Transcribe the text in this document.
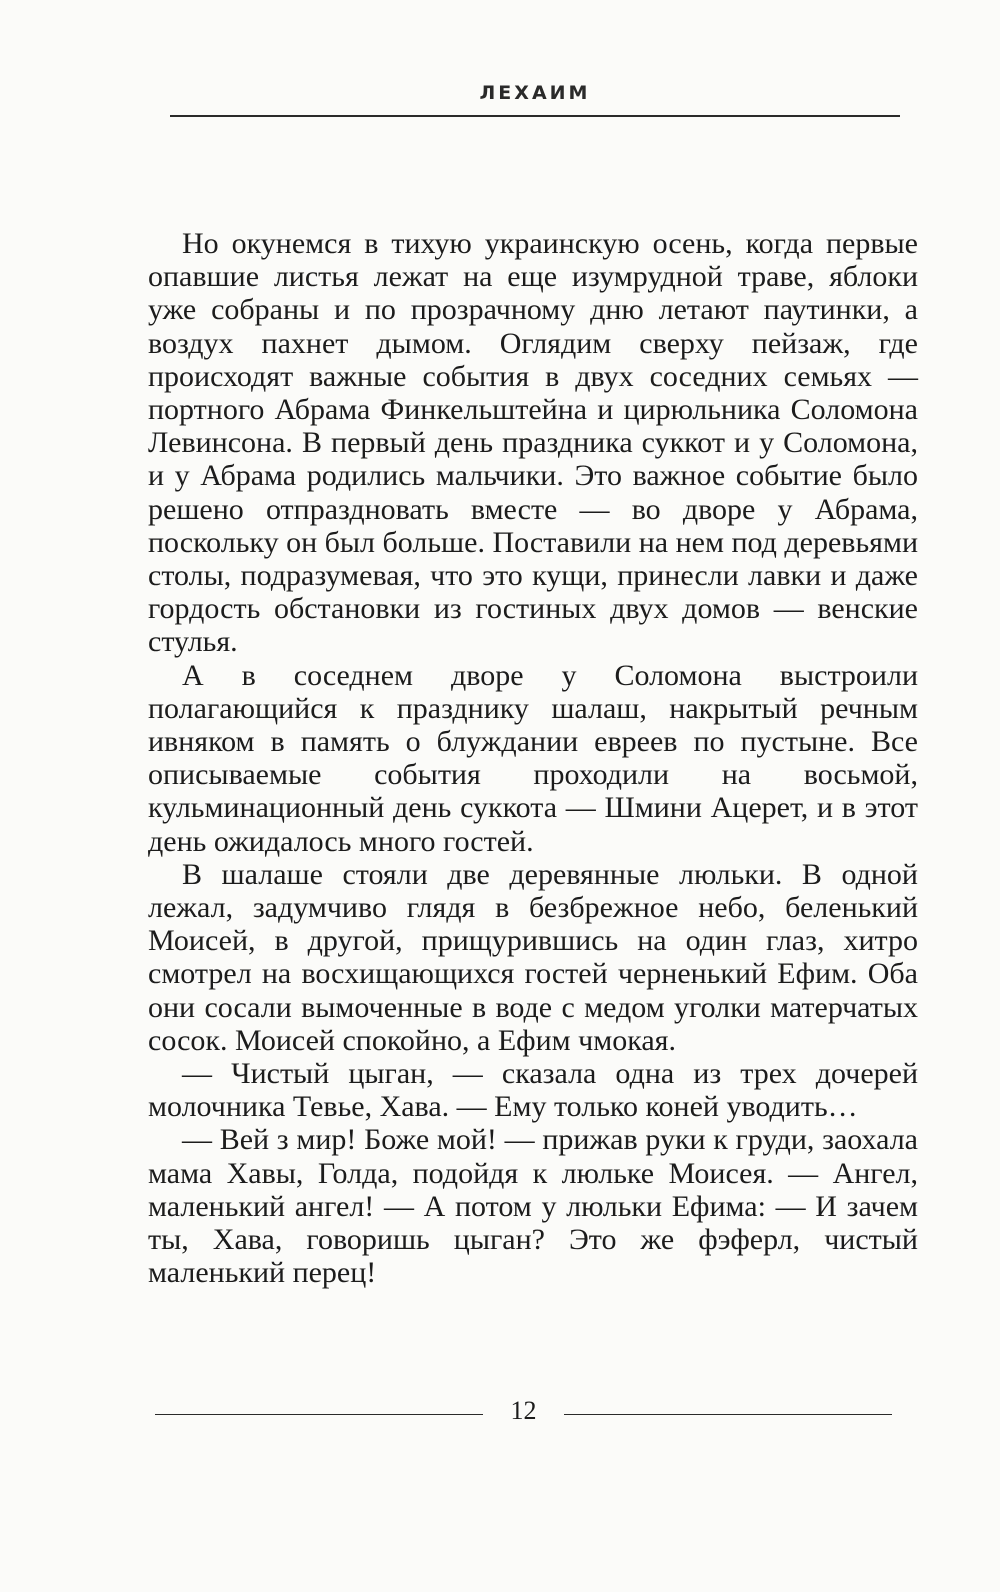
ЛЕХАИМ

Но окунемся в тихую украинскую осень, когда первые опавшие листья лежат на еще изумрудной траве, яблоки уже собраны и по прозрачному дню летают паутинки, а воздух пахнет дымом. Оглядим сверху пейзаж, где происходят важные события в двух соседних семьях — портного Абрама Финкельштейна и цирюльника Соломона Левинсона. В первый день праздника суккот и у Соломона, и у Абрама родились мальчики. Это важное событие было решено отпраздновать вместе — во дворе у Абрама, поскольку он был больше. Поставили на нем под деревьями столы, подразумевая, что это кущи, принесли лавки и даже гордость обстановки из гостиных двух домов — венские стулья.

А в соседнем дворе у Соломона выстроили полагающийся к празднику шалаш, накрытый речным ивняком в память о блуждании евреев по пустыне. Все описываемые события проходили на восьмой, кульминационный день суккота — Шмини Ацерет, и в этот день ожидалось много гостей.

В шалаше стояли две деревянные люльки. В одной лежал, задумчиво глядя в безбрежное небо, беленький Моисей, в другой, прищурившись на один глаз, хитро смотрел на восхищающихся гостей черненький Ефим. Оба они сосали вымоченные в воде с медом уголки матерчатых сосок. Моисей спокойно, а Ефим чмокая.

— Чистый цыган, — сказала одна из трех дочерей молочника Тевье, Хава. — Ему только коней уводить…

— Вей з мир! Боже мой! — прижав руки к груди, заохала мама Хавы, Голда, подойдя к люльке Моисея. — Ангел, маленький ангел! — А потом у люльки Ефима: — И зачем ты, Хава, говоришь цыган? Это же фэферл, чистый маленький перец!

12
